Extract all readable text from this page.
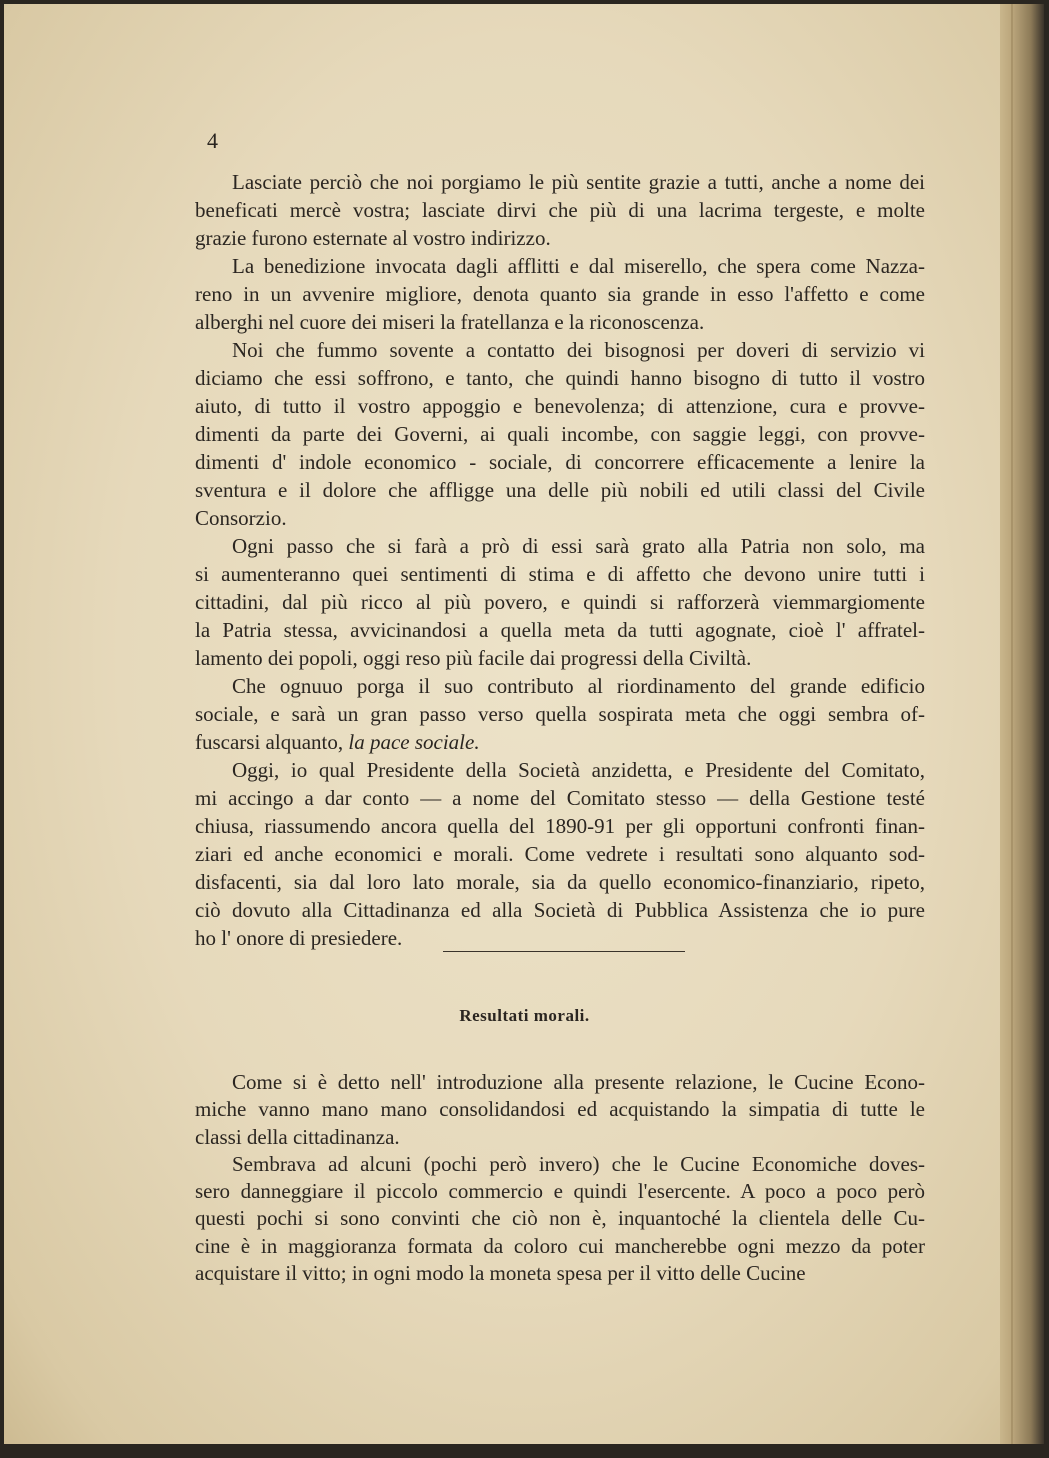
4
Lasciate perciò che noi porgiamo le più sentite grazie a tutti, anche a nome dei
beneficati mercè vostra; lasciate dirvi che più di una lacrima tergeste, e molte
grazie furono esternate al vostro indirizzo.
La benedizione invocata dagli afflitti e dal miserello, che spera come Nazza-
reno in un avvenire migliore, denota quanto sia grande in esso l'affetto e come
alberghi nel cuore dei miseri la fratellanza e la riconoscenza.
Noi che fummo sovente a contatto dei bisognosi per doveri di servizio vi
diciamo che essi soffrono, e tanto, che quindi hanno bisogno di tutto il vostro
aiuto, di tutto il vostro appoggio e benevolenza; di attenzione, cura e provve-
dimenti da parte dei Governi, ai quali incombe, con saggie leggi, con provve-
dimenti d' indole economico - sociale, di concorrere efficacemente a lenire la
sventura e il dolore che affligge una delle più nobili ed utili classi del Civile
Consorzio.
Ogni passo che si farà a prò di essi sarà grato alla Patria non solo, ma
si aumenteranno quei sentimenti di stima e di affetto che devono unire tutti i
cittadini, dal più ricco al più povero, e quindi si rafforzerà viemmargiomente
la Patria stessa, avvicinandosi a quella meta da tutti agognate, cioè l' affratel-
lamento dei popoli, oggi reso più facile dai progressi della Civiltà.
Che ognuuo porga il suo contributo al riordinamento del grande edificio
sociale, e sarà un gran passo verso quella sospirata meta che oggi sembra of-
fuscarsi alquanto, la pace sociale.
Oggi, io qual Presidente della Società anzidetta, e Presidente del Comitato,
mi accingo a dar conto — a nome del Comitato stesso — della Gestione testé
chiusa, riassumendo ancora quella del 1890-91 per gli opportuni confronti finan-
ziari ed anche economici e morali. Come vedrete i resultati sono alquanto sod-
disfacenti, sia dal loro lato morale, sia da quello economico-finanziario, ripeto,
ciò dovuto alla Cittadinanza ed alla Società di Pubblica Assistenza che io pure
ho l' onore di presiedere.
Resultati morali.
Come si è detto nell' introduzione alla presente relazione, le Cucine Econo-
miche vanno mano mano consolidandosi ed acquistando la simpatia di tutte le
classi della cittadinanza.
Sembrava ad alcuni (pochi però invero) che le Cucine Economiche doves-
sero danneggiare il piccolo commercio e quindi l'esercente. A poco a poco però
questi pochi si sono convinti che ciò non è, inquantoché la clientela delle Cu-
cine è in maggioranza formata da coloro cui mancherebbe ogni mezzo da poter
acquistare il vitto; in ogni modo la moneta spesa per il vitto delle Cucine
